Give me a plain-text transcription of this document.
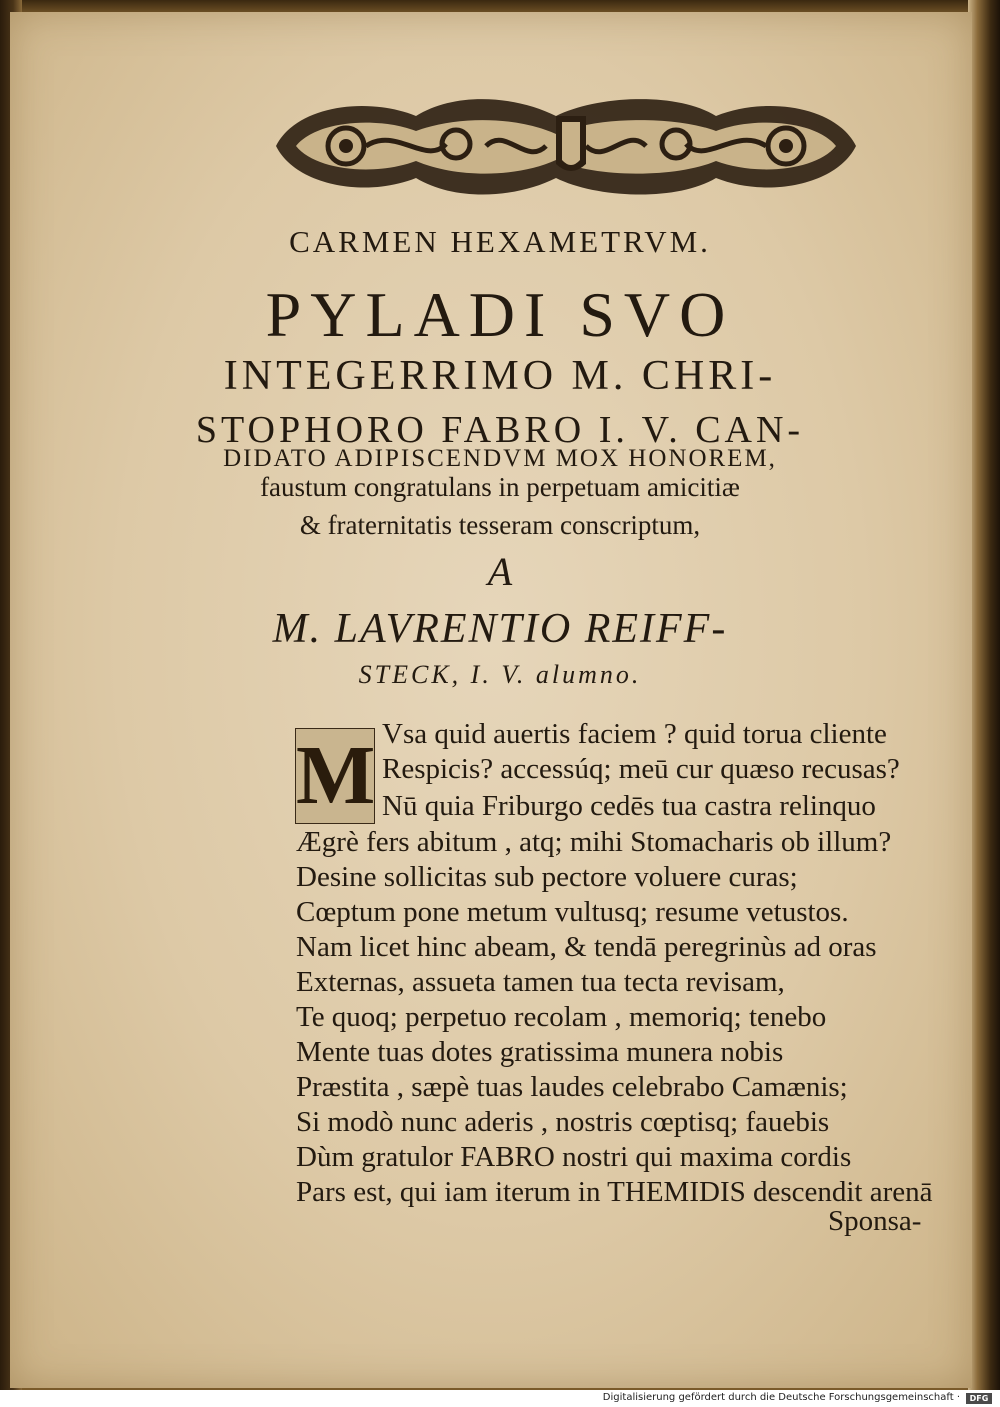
CARMEN HEXAMETRVM.
PYLADI SVO
INTEGERRIMO M. CHRI-
STOPHORO FABRO I. V. CAN-
DIDATO ADIPISCENDVM MOX HONOREM,
faustum congratulans in perpetuam amicitiæ
& fraternitatis tesseram conscriptum,
A
M. LAVRENTIO REIFF-
STECK, I. V. alumno.
M Vsa quid auertis faciem ? quid torua cliente
Respicis? accessúq; meū cur quæso recusas?
Nū quia Friburgo cedēs tua castra relinquo
Ægrè fers abitum , atq; mihi Stomacharis ob illum?
Desine sollicitas sub pectore voluere curas;
Cœptum pone metum vultusq; resume vetustos.
Nam licet hinc abeam, & tendā peregrinùs ad oras
Externas, assueta tamen tua tecta revisam,
Te quoq; perpetuo recolam , memoriq; tenebo
Mente tuas dotes gratissima munera nobis
Præstita , sæpè tuas laudes celebrabo Camænis;
Si modò nunc aderis , nostris cœptisq; fauebis
Dùm gratulor FABRO nostri qui maxima cordis
Pars est, qui iam iterum in THEMIDIS descendit arenā
Sponsa-
Digitalisierung gefördert durch die Deutsche Forschungsgemeinschaft ·	DFG
